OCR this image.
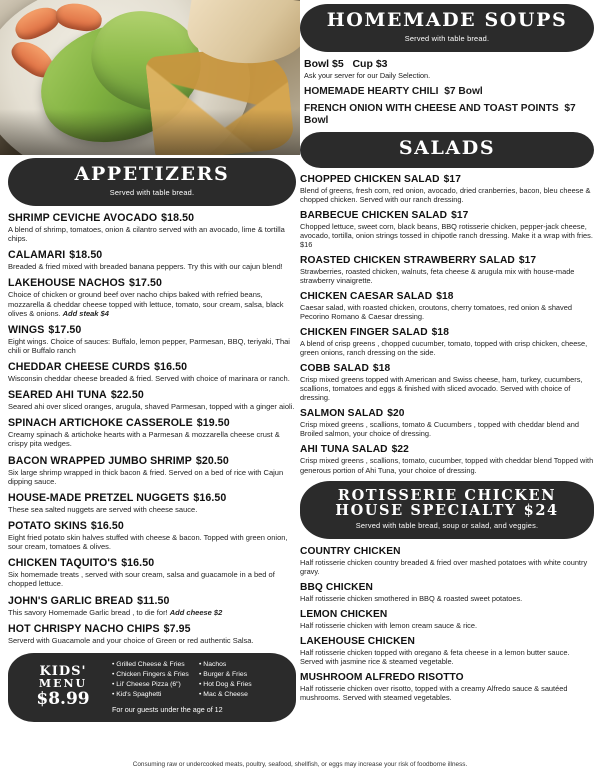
APPETIZERS
Served with table bread.
SHRIMP CEVICHE AVOCADO $18.50
A blend of shrimp, tomatoes, onion & cilantro served with an avocado, lime & tortilla chips.
CALAMARI $18.50
Breaded & fried mixed with breaded banana peppers. Try this with our cajun blend!
LAKEHOUSE NACHOS $17.50
Choice of chicken or ground beef over nacho chips baked with refried beans, mozzarella & cheddar cheese topped with lettuce, tomato, sour cream, salsa, black olives & onions. Add steak $4
WINGS $17.50
Eight wings. Choice of sauces: Buffalo, lemon pepper, Parmesan, BBQ, teriyaki, Thai chili or Buffalo ranch
CHEDDAR CHEESE CURDS $16.50
Wisconsin cheddar cheese breaded & fried. Served with choice of marinara or ranch.
SEARED AHI TUNA $22.50
Seared ahi over sliced oranges, arugula, shaved Parmesan, topped with a ginger aioli.
SPINACH ARTICHOKE CASSEROLE $19.50
Creamy spinach & artichoke hearts with a Parmesan & mozzarella cheese crust & crispy pita wedges.
BACON WRAPPED JUMBO SHRIMP $20.50
Six large shrimp wrapped in thick bacon & fried. Served on a bed of rice with Cajun dipping sauce.
HOUSE-MADE PRETZEL NUGGETS $16.50
These sea salted nuggets are served with cheese sauce.
POTATO SKINS $16.50
Eight fried potato skin halves stuffed with cheese & bacon. Topped with green onion, sour cream, tomatoes & olives.
CHICKEN TAQUITO'S $16.50
Six homemade treats , served with sour cream, salsa and guacamole in a bed of chopped lettuce.
JOHN'S GARLIC BREAD $11.50
This savory Homemade Garlic bread , to die for! Add cheese $2
HOT CHRISPY NACHO CHIPS $7.95
Serverd with Guacamole and your choice of Green or red authentic Salsa.
KIDS'
MENU
$8.99
• Grilled Cheese & Fries	• Nachos
• Chicken Fingers & Fries	• Burger & Fries
• Lil' Cheese Pizza (6")	• Hot Dog & Fries
• Kid's Spaghetti	• Mac & Cheese
For our guests under the age of 12
HOMEMADE SOUPS
Served with table bread.
Bowl $5 Cup $3
Ask your server for our Daily Selection.
HOMEMADE HEARTY CHILI $7 Bowl
FRENCH ONION WITH CHEESE AND TOAST POINTS $7 Bowl
SALADS
CHOPPED CHICKEN SALAD $17
Blend of greens, fresh corn, red onion, avocado, dried cranberries, bacon, bleu cheese & chopped chicken. Served with our ranch dressing.
BARBECUE CHICKEN SALAD $17
Chopped lettuce, sweet corn, black beans, BBQ rotisserie chicken, pepper-jack cheese, avocado, tortilla, onion strings tossed in chipotle ranch dressing. Make it a wrap with fries. $16
ROASTED CHICKEN STRAWBERRY SALAD $17
Strawberries, roasted chicken, walnuts, feta cheese & arugula mix with house-made strawberry vinaigrette.
CHICKEN CAESAR SALAD $18
Caesar salad, with roasted chicken, croutons, cherry tomatoes, red onion & shaved Pecorino Romano & Caesar dressing.
CHICKEN FINGER SALAD $18
A blend of crisp greens , chopped cucumber, tomato, topped with crisp chicken, cheese, green onions, ranch dressing on the side.
COBB SALAD $18
Crisp mixed greens topped with American and Swiss cheese, ham, turkey, cucumbers, scallions, tomatoes and eggs & finished with sliced avocado. Served with choice of dressing.
SALMON SALAD $20
Crisp mixed greens , scallions, tomato & Cucumbers , topped with cheddar blend and Broiled salmon, your choice of dressing.
AHI TUNA SALAD $22
Crisp mixed greens , scallions, tomato, cucumber, topped with cheddar blend Topped with generous portion of Ahi Tuna, your choice of dressing.
ROTISSERIE CHICKEN
HOUSE SPECIALTY $24
Served with table bread, soup or salad, and veggies.
COUNTRY CHICKEN
Half rotisserie chicken country breaded & fried over mashed potatoes with white country gravy.
BBQ CHICKEN
Half rotisserie chicken smothered in BBQ & roasted sweet potatoes.
LEMON CHICKEN
Half rotisserie chicken with lemon cream sauce & rice.
LAKEHOUSE CHICKEN
Half rotisserie chicken topped with oregano & feta cheese in a lemon butter sauce. Served with jasmine rice & steamed vegetable.
MUSHROOM ALFREDO RISOTTO
Half rotisserie chicken over risotto, topped with a creamy Alfredo sauce & sautéed mushrooms. Served with steamed vegetables.
Consuming raw or undercooked meats, poultry, seafood, shellfish, or eggs may increase your risk of foodborne illness.
